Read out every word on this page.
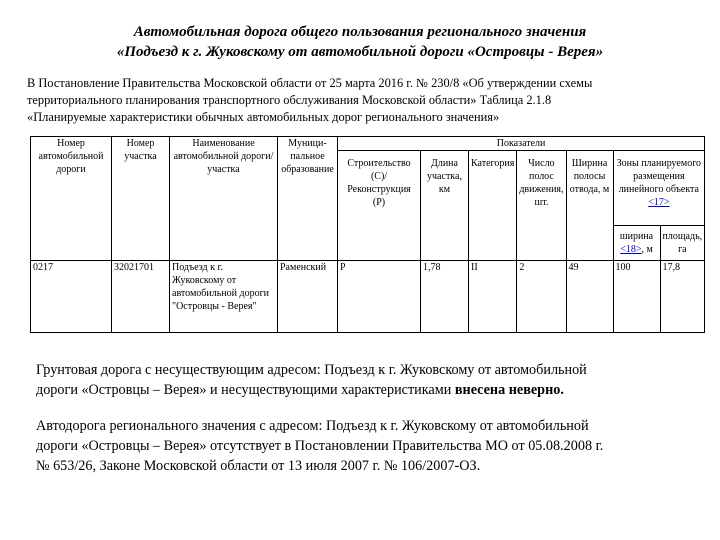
Автомобильная дорога общего пользования регионального значения
«Подъезд к г. Жуковскому от автомобильной дороги «Островцы - Верея»
В Постановление Правительства Московской области от 25 марта 2016 г. № 230/8 «Об утверждении схемы
территориального планирования транспортного обслуживания Московской области» Таблица 2.1.8
«Планируемые характеристики обычных автомобильных дорог регионального значения»
Номер автомобильной дороги	Номер участка	Наименование автомобильной дороги/участка	Муници- пальное образование	Показатели						
				Строительство (С)/Реконструкция (Р)	Длина участка, км	Категория	Число полос движения, шт.	Ширина полосы отвода, м	Зоны планируемого размещения линейного объекта <17>	
									ширина <18>, м	площадь, га
0217	32021701	Подъезд к г. Жуковскому от автомобильной дороги "Островцы - Верея"	Раменский	Р	1,78	II	2	49	100	17,8
Грунтовая дорога с несуществующим адресом: Подъезд к г. Жуковскому от автомобильной
дороги «Островцы – Верея» и несуществующими характеристиками внесена неверно.
Автодорога регионального значения с адресом: Подъезд к г. Жуковскому от автомобильной
дороги «Островцы – Верея» отсутствует в Постановлении Правительства МО от 05.08.2008 г.
№ 653/26, Законе Московской области от 13 июля 2007 г. № 106/2007-ОЗ.
